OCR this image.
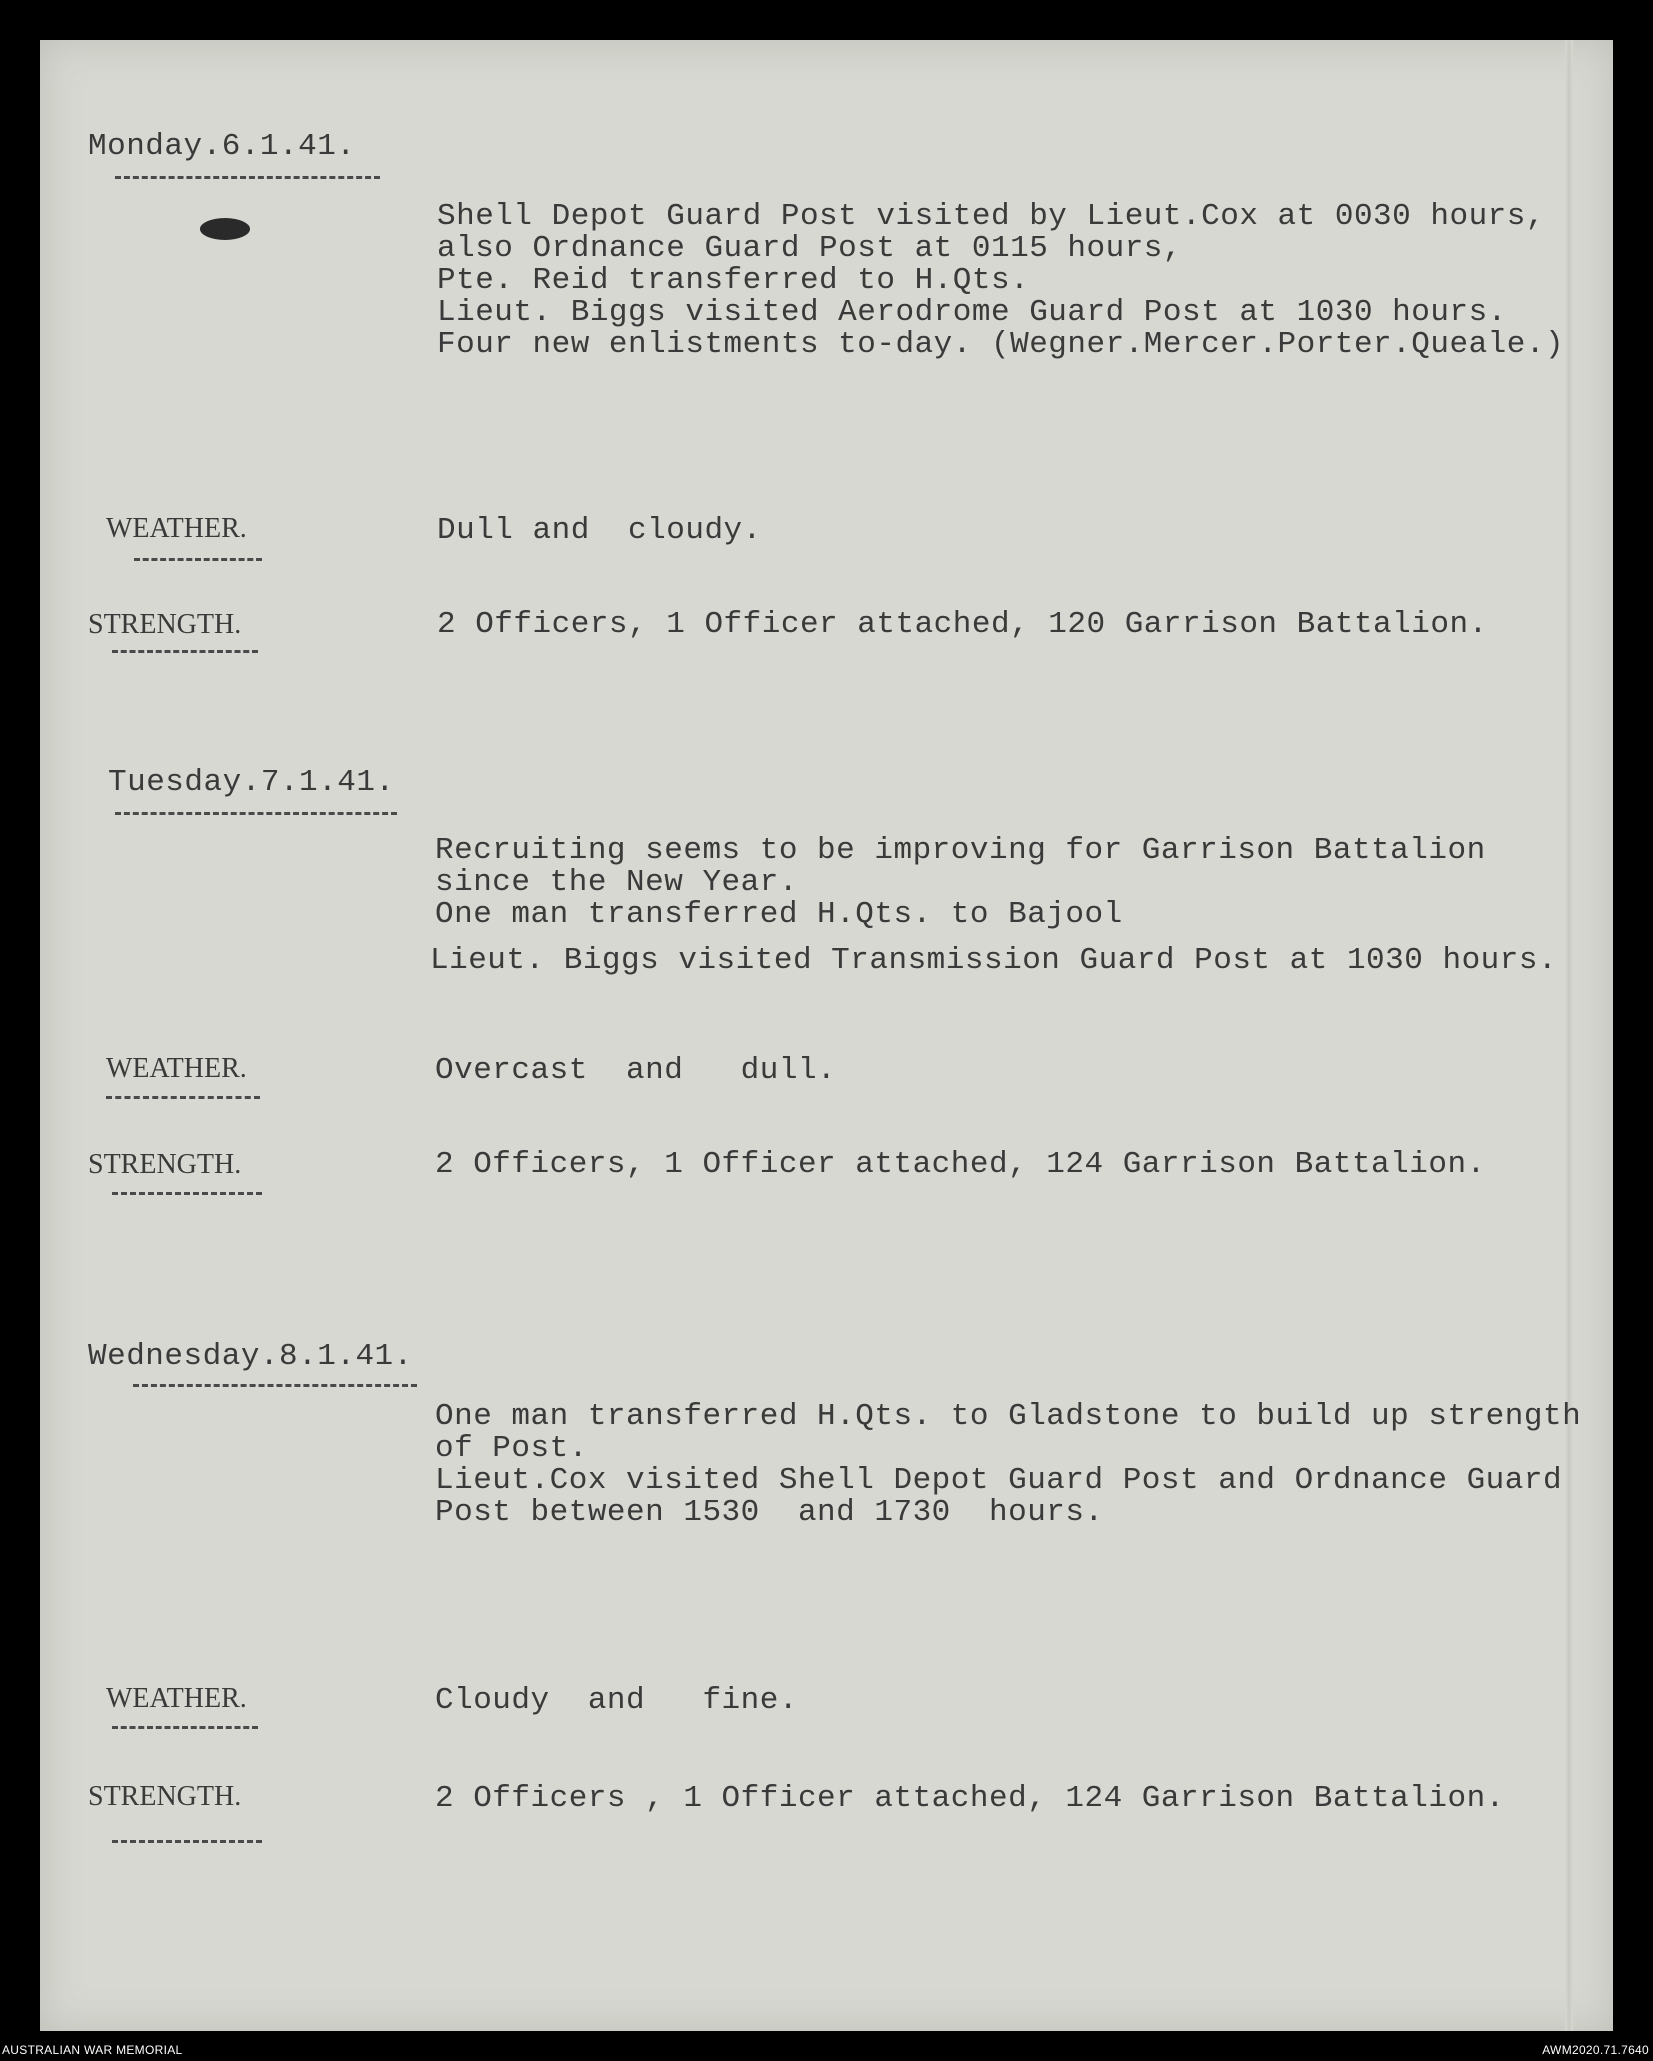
Monday.6.1.41.
Shell Depot Guard Post visited by Lieut.Cox at 0030 hours,
also Ordnance Guard Post at 0115 hours,
Pte. Reid transferred to H.Qts.
Lieut. Biggs visited Aerodrome Guard Post at 1030 hours.
Four new enlistments to-day. (Wegner.Mercer.Porter.Queale.)
WEATHER.	Dull and  cloudy.
STRENGTH.	2 Officers, 1 Officer attached, 120 Garrison Battalion.
Tuesday.7.1.41.
Recruiting seems to be improving for Garrison Battalion
since the New Year.
One man transferred H.Qts. to Bajool
Lieut. Biggs visited Transmission Guard Post at 1030 hours.
WEATHER.	Overcast  and   dull.
STRENGTH.	2 Officers, 1 Officer attached, 124 Garrison Battalion.
Wednesday.8.1.41.
One man transferred H.Qts. to Gladstone to build up strength
of Post.
Lieut.Cox visited Shell Depot Guard Post and Ordnance Guard
Post between 1530  and 1730  hours.
WEATHER.	Cloudy  and   fine.
STRENGTH.	2 Officers , 1 Officer attached, 124 Garrison Battalion.
AUSTRALIAN WAR MEMORIAL	AWM2020.71.7640
